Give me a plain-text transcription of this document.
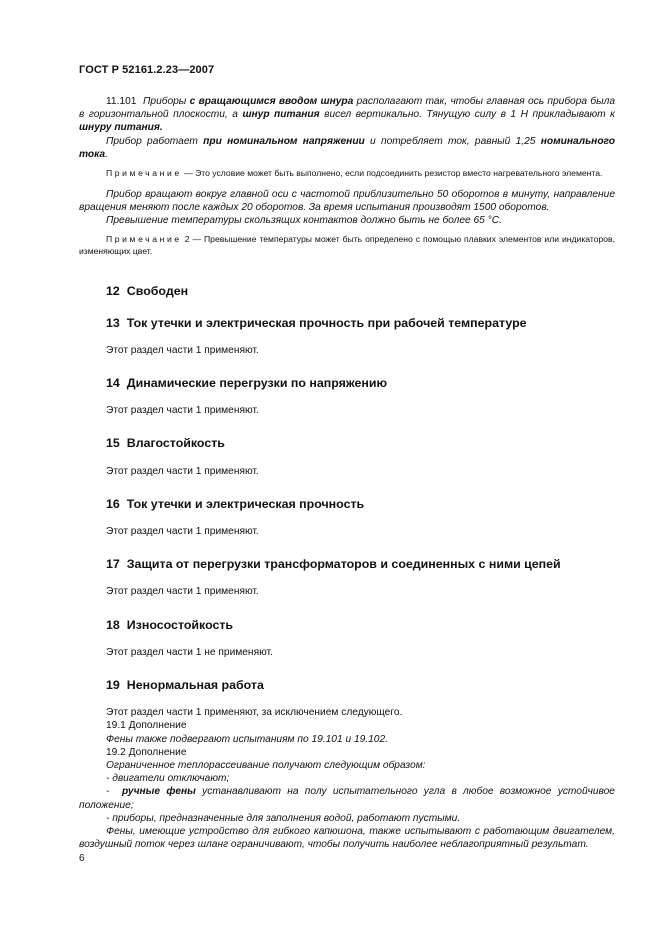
ГОСТ Р 52161.2.23—2007

11.101 Приборы с вращающимся вводом шнура располагают так, чтобы главная ось прибора была в горизонтальной плоскости, а шнур питания висел вертикально. Тянущую силу в 1 Н прикладывают к шнуру питания.

Прибор работает при номинальном напряжении и потребляет ток, равный 1,25 номинального тока.

Примечание — Это условие может быть выполнено, если подсоединить резистор вместо нагревательного элемента.

Прибор вращают вокруг главной оси с частотой приблизительно 50 оборотов в минуту, направление вращения меняют после каждых 20 оборотов. За время испытания производят 1500 оборотов.

Превышение температуры скользящих контактов должно быть не более 65 °С.

Примечание 2 — Превышение температуры может быть определено с помощью плавких элементов или индикаторов, изменяющих цвет.

12 Свободен
13 Ток утечки и электрическая прочность при рабочей температуре

Этот раздел части 1 применяют.

14 Динамические перегрузки по напряжению

Этот раздел части 1 применяют.

15 Влагостойкость

Этот раздел части 1 применяют.

16 Ток утечки и электрическая прочность

Этот раздел части 1 применяют.

17 Защита от перегрузки трансформаторов и соединенных с ними цепей

Этот раздел части 1 применяют.

18 Износостойкость

Этот раздел части 1 не применяют.

19 Ненормальная работа

Этот раздел части 1 применяют, за исключением следующего.

19.1 Дополнение

Фены также подвергают испытаниям по 19.101 и 19.102.

19.2 Дополнение

Ограниченное теплорассеивание получают следующим образом:

- двигатели отключают;

- ручные фены устанавливают на полу испытательного угла в любое возможное устойчивое положение;

- приборы, предназначенные для заполнения водой, работают пустыми.

Фены, имеющие устройство для гибкого капюшона, также испытывают с работающим двигателем, воздушный поток через шланг ограничивают, чтобы получить наиболее неблагоприятный результат.

6
